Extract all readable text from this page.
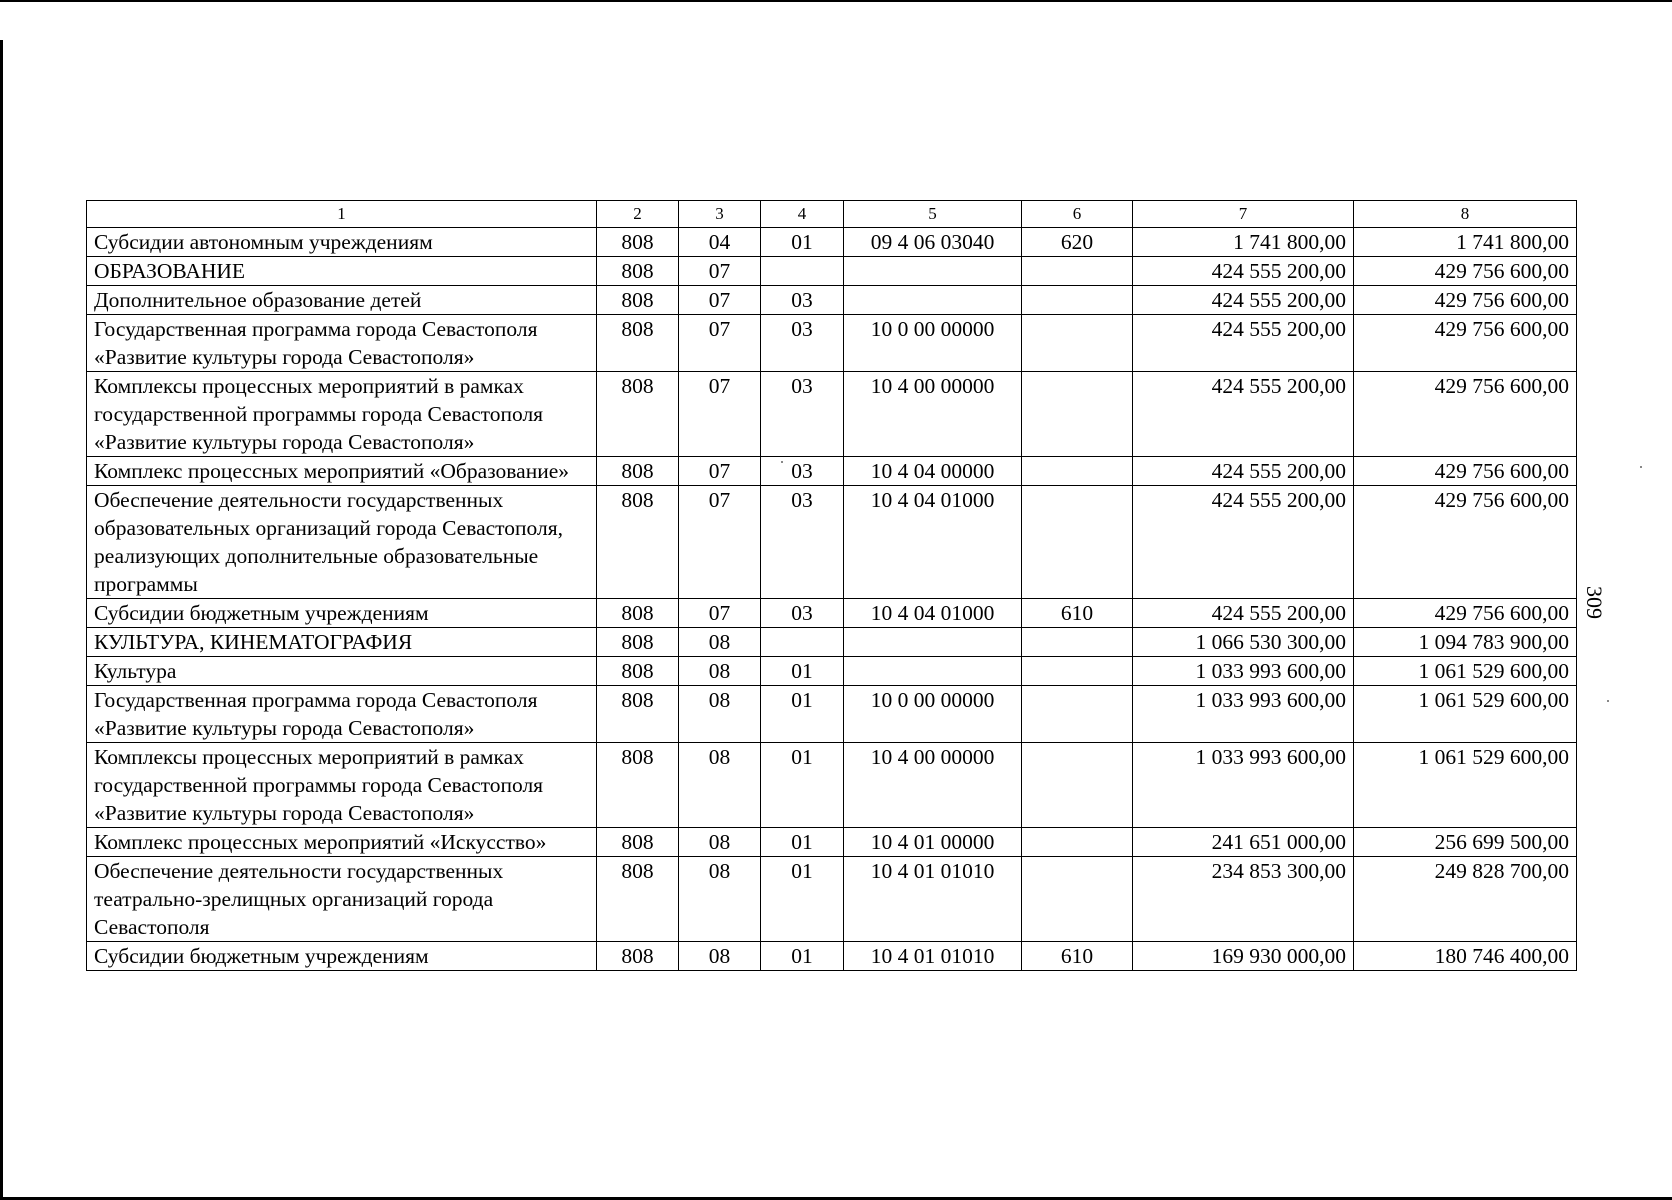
309
1	2	3	4	5	6	7	8
Субсидии автономным учреждениям	808	04	01	09 4 06 03040	620	1 741 800,00	1 741 800,00
ОБРАЗОВАНИЕ	808	07				424 555 200,00	429 756 600,00
Дополнительное образование детей	808	07	03			424 555 200,00	429 756 600,00
Государственная программа города Севастополя «Развитие культуры города Севастополя»	808	07	03	10 0 00 00000		424 555 200,00	429 756 600,00
Комплексы процессных мероприятий в рамках государственной программы города Севастополя «Развитие культуры города Севастополя»	808	07	03	10 4 00 00000		424 555 200,00	429 756 600,00
Комплекс процессных мероприятий «Образование»	808	07	03	10 4 04 00000		424 555 200,00	429 756 600,00
Обеспечение деятельности государственных образовательных организаций города Севастополя, реализующих дополнительные образовательные программы	808	07	03	10 4 04 01000		424 555 200,00	429 756 600,00
Субсидии бюджетным учреждениям	808	07	03	10 4 04 01000	610	424 555 200,00	429 756 600,00
КУЛЬТУРА, КИНЕМАТОГРАФИЯ	808	08				1 066 530 300,00	1 094 783 900,00
Культура	808	08	01			1 033 993 600,00	1 061 529 600,00
Государственная программа города Севастополя «Развитие культуры города Севастополя»	808	08	01	10 0 00 00000		1 033 993 600,00	1 061 529 600,00
Комплексы процессных мероприятий в рамках государственной программы города Севастополя «Развитие культуры города Севастополя»	808	08	01	10 4 00 00000		1 033 993 600,00	1 061 529 600,00
Комплекс процессных мероприятий «Искусство»	808	08	01	10 4 01 00000		241 651 000,00	256 699 500,00
Обеспечение деятельности государственных театрально-зрелищных организаций города Севастополя	808	08	01	10 4 01 01010		234 853 300,00	249 828 700,00
Субсидии бюджетным учреждениям	808	08	01	10 4 01 01010	610	169 930 000,00	180 746 400,00
